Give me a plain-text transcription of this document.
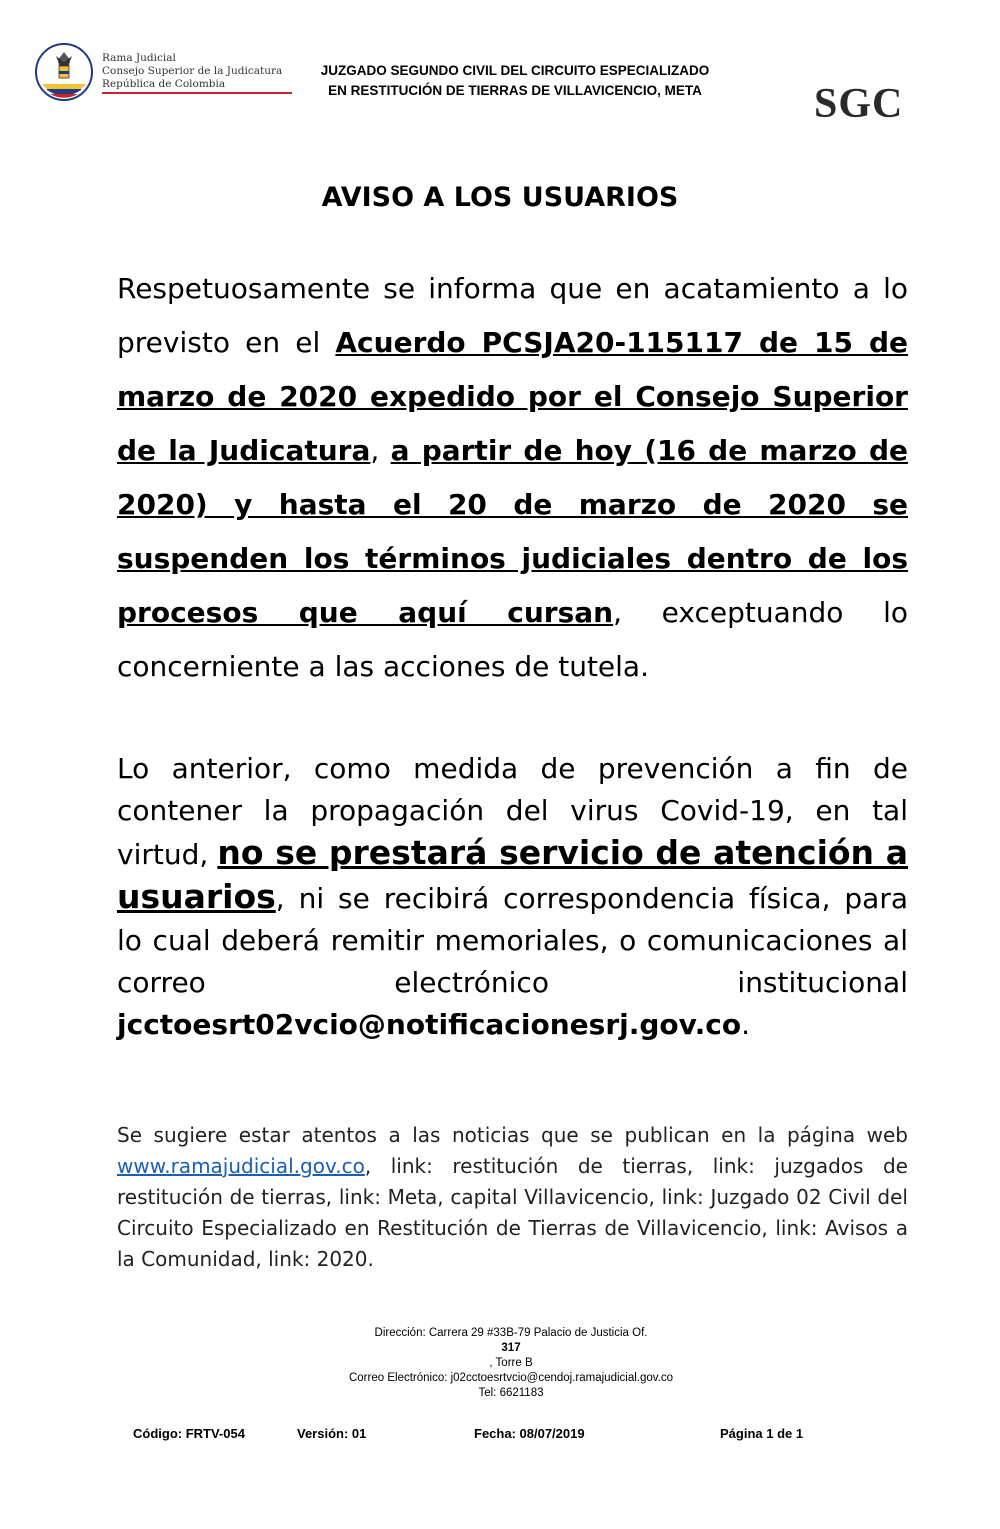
Rama Judicial
Consejo Superior de la Judicatura
República de Colombia
JUZGADO SEGUNDO CIVIL DEL CIRCUITO ESPECIALIZADO
EN RESTITUCIÓN DE TIERRAS DE VILLAVICENCIO, META	SGC
AVISO A LOS USUARIOS

Respetuosamente se informa que en acatamiento a lo previsto en el Acuerdo PCSJA20-115117 de 15 de marzo de 2020 expedido por el Consejo Superior de la Judicatura, a partir de hoy (16 de marzo de 2020) y hasta el 20 de marzo de 2020 se suspenden los términos judiciales dentro de los procesos que aquí cursan, exceptuando lo concerniente a las acciones de tutela.

Lo anterior, como medida de prevención a fin de contener la propagación del virus Covid-19, en tal virtud, no se prestará servicio de atención a usuarios, ni se recibirá correspondencia física, para lo cual deberá remitir memoriales, o comunicaciones al correo electrónico institucional jcctoesrt02vcio@notificacionesrj.gov.co.

Se sugiere estar atentos a las noticias que se publican en la página web www.ramajudicial.gov.co, link: restitución de tierras, link: juzgados de restitución de tierras, link: Meta, capital Villavicencio, link: Juzgado 02 Civil del Circuito Especializado en Restitución de Tierras de Villavicencio, link: Avisos a la Comunidad, link: 2020.

Dirección: Carrera 29 #33B-79 Palacio de Justicia Of.
317
, Torre B
Correo Electrónico: j02cctoesrtvcio@cendoj.ramajudicial.gov.co
Tel: 6621183
Código: FRTV-054	Versión: 01	Fecha: 08/07/2019	Página 1 de 1
